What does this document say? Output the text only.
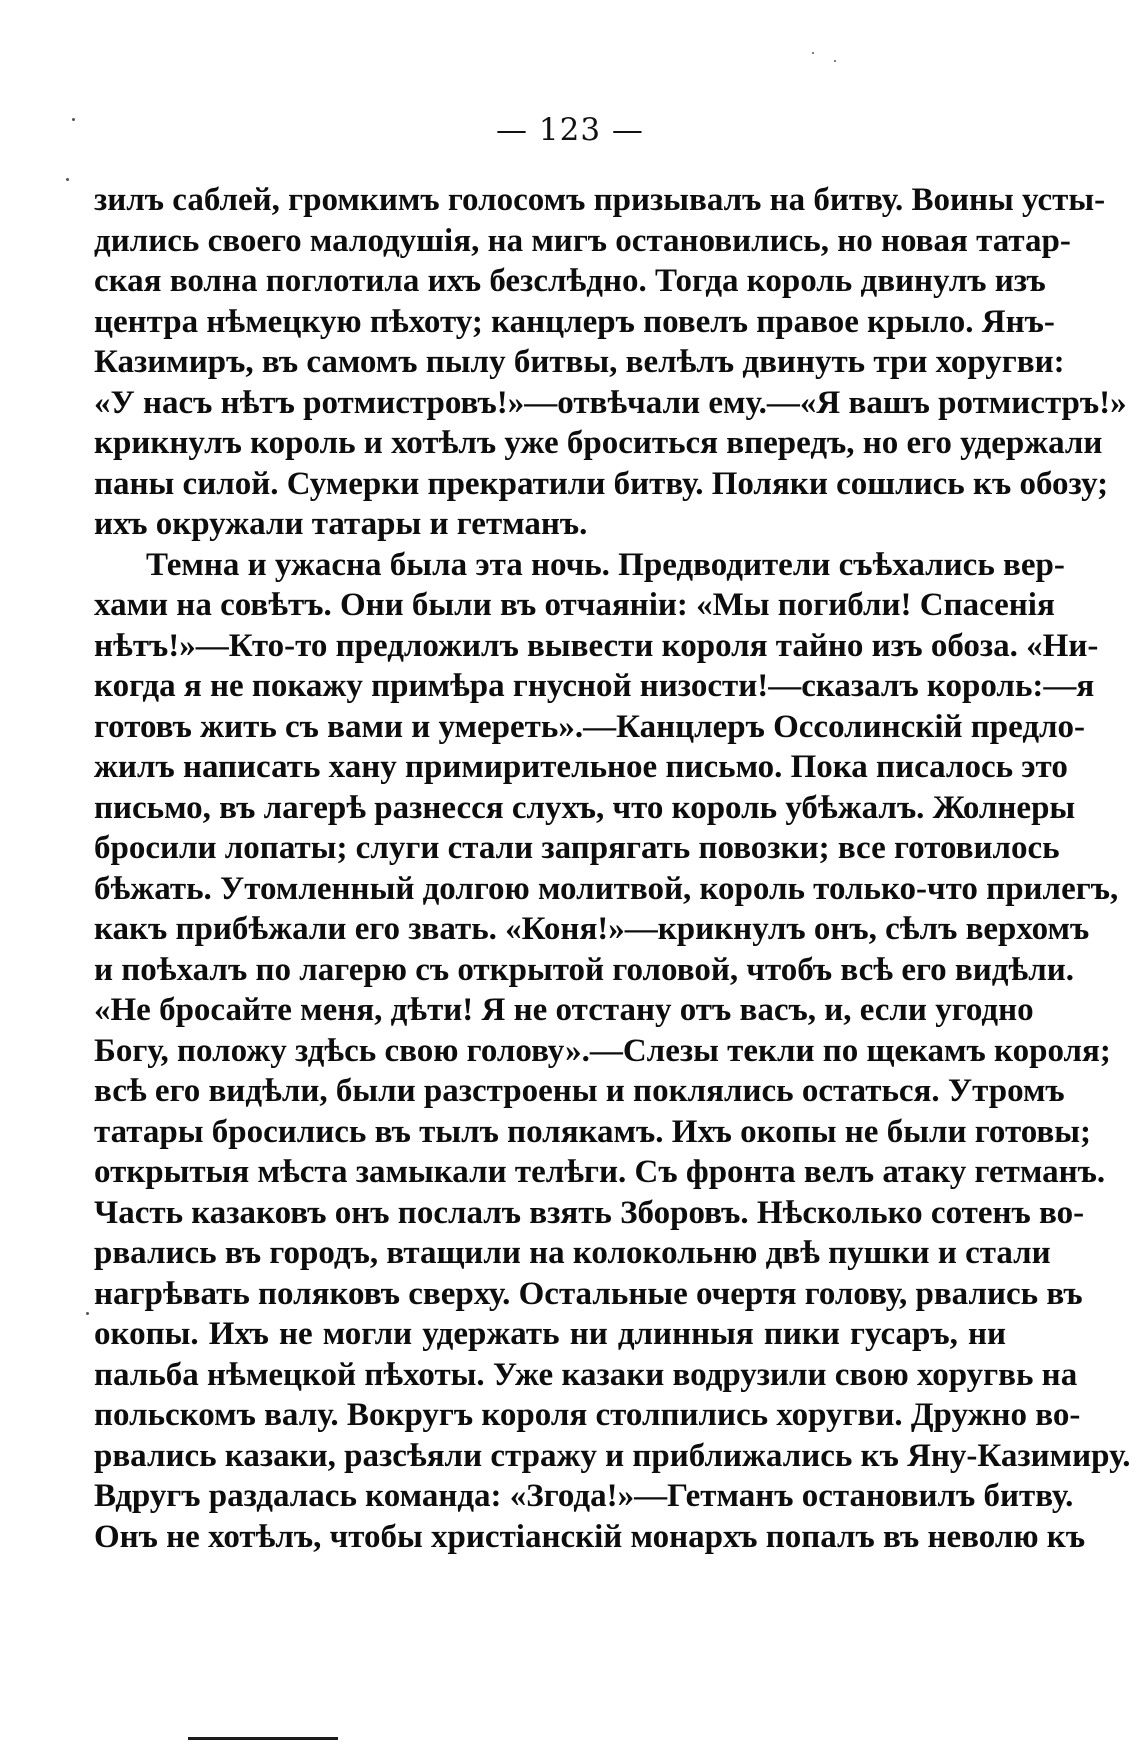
— 123 —
зилъ саблей, громкимъ голосомъ призывалъ на битву. Воины усты-
дились своего малодушія, на мигъ остановились, но новая татар-
ская волна поглотила ихъ безслѣдно. Тогда король двинулъ изъ
центра нѣмецкую пѣхоту; канцлеръ повелъ правое крыло. Янъ-
Казимиръ, въ самомъ пылу битвы, велѣлъ двинуть три хоругви:
«У насъ нѣтъ ротмистровъ!»—отвѣчали ему.—«Я вашъ ротмистръ!»
крикнулъ король и хотѣлъ уже броситься впередъ, но его удержали
паны силой. Сумерки прекратили битву. Поляки сошлись къ обозу;
ихъ окружали татары и гетманъ.
Темна и ужасна была эта ночь. Предводители съѣхались вер-
хами на совѣтъ. Они были въ отчаяніи: «Мы погибли! Спасенія
нѣтъ!»—Кто-то предложилъ вывести короля тайно изъ обоза. «Ни-
когда я не покажу примѣра гнусной низости!—сказалъ король:—я
готовъ жить съ вами и умереть».—Канцлеръ Оссолинскій предло-
жилъ написать хану примирительное письмо. Пока писалось это
письмо, въ лагерѣ разнесся слухъ, что король убѣжалъ. Жолнеры
бросили лопаты; слуги стали запрягать повозки; все готовилось
бѣжать. Утомленный долгою молитвой, король только-что прилегъ,
какъ прибѣжали его звать. «Коня!»—крикнулъ онъ, сѣлъ верхомъ
и поѣхалъ по лагерю съ открытой головой, чтобъ всѣ его видѣли.
«Не бросайте меня, дѣти! Я не отстану отъ васъ, и, если угодно
Богу, положу здѣсь свою голову».—Слезы текли по щекамъ короля;
всѣ его видѣли, были разстроены и поклялись остаться. Утромъ
татары бросились въ тылъ полякамъ. Ихъ окопы не были готовы;
открытыя мѣста замыкали телѣги. Съ фронта велъ атаку гетманъ.
Часть казаковъ онъ послалъ взять Зборовъ. Нѣсколько сотенъ во-
рвались въ городъ, втащили на колокольню двѣ пушки и стали
нагрѣвать поляковъ сверху. Остальные очертя голову, рвались въ
окопы. Ихъ не могли удержать ни длинныя пики гусаръ, ни
пальба нѣмецкой пѣхоты. Уже казаки водрузили свою хоругвь на
польскомъ валу. Вокругъ короля столпились хоругви. Дружно во-
рвались казаки, разсѣяли стражу и приближались къ Яну-Казимиру.
Вдругъ раздалась команда: «Згода!»—Гетманъ остановилъ битву.
Онъ не хотѣлъ, чтобы христіанскій монархъ попалъ въ неволю къ
